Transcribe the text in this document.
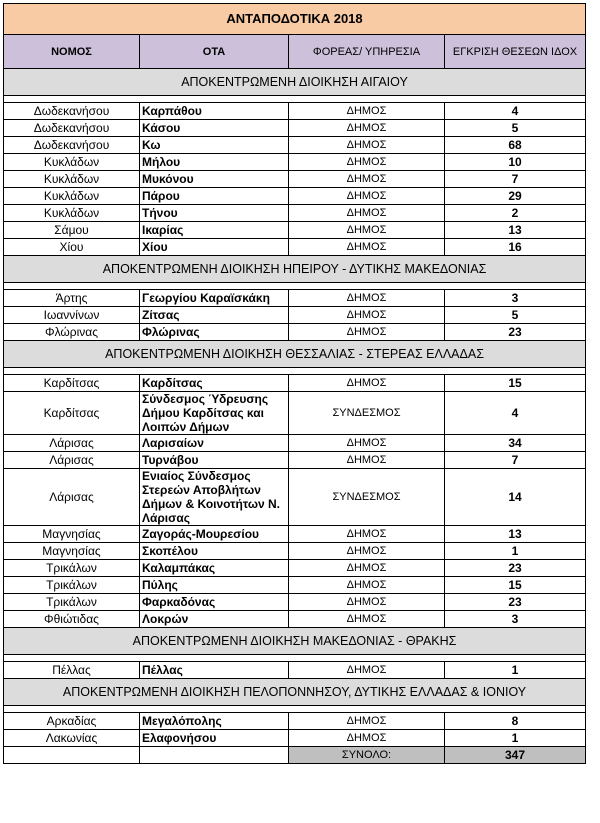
ΑΝΤΑΠΟΔΟΤΙΚΑ 2018			
ΝΟΜΟΣ	ΟΤΑ	ΦΟΡΕΑΣ/ ΥΠΗΡΕΣΙΑ	ΕΓΚΡΙΣΗ ΘΕΣΕΩΝ ΙΔΟΧ
ΑΠΟΚΕΝΤΡΩΜΕΝΗ ΔΙΟΙΚΗΣΗ ΑΙΓΑΙΟΥ			

Δωδεκανήσου	Καρπάθου	ΔΗΜΟΣ	4
Δωδεκανήσου	Κάσου	ΔΗΜΟΣ	5
Δωδεκανήσου	Κω	ΔΗΜΟΣ	68
Κυκλάδων	Μήλου	ΔΗΜΟΣ	10
Κυκλάδων	Μυκόνου	ΔΗΜΟΣ	7
Κυκλάδων	Πάρου	ΔΗΜΟΣ	29
Κυκλάδων	Τήνου	ΔΗΜΟΣ	2
Σάμου	Ικαρίας	ΔΗΜΟΣ	13
Χίου	Χίου	ΔΗΜΟΣ	16
ΑΠΟΚΕΝΤΡΩΜΕΝΗ ΔΙΟΙΚΗΣΗ ΗΠΕΙΡΟΥ - ΔΥΤΙΚΗΣ ΜΑΚΕΔΟΝΙΑΣ			

Άρτης	Γεωργίου Καραϊσκάκη	ΔΗΜΟΣ	3
Ιωαννίνων	Ζίτσας	ΔΗΜΟΣ	5
Φλώρινας	Φλώρινας	ΔΗΜΟΣ	23
ΑΠΟΚΕΝΤΡΩΜΕΝΗ ΔΙΟΙΚΗΣΗ ΘΕΣΣΑΛΙΑΣ - ΣΤΕΡΕΑΣ ΕΛΛΑΔΑΣ			

Καρδίτσας	Καρδίτσας	ΔΗΜΟΣ	15
Καρδίτσας	Σύνδεσμος Ύδρευσης Δήμου Καρδίτσας και Λοιπών Δήμων	ΣΥΝΔΕΣΜΟΣ	4
Λάρισας	Λαρισαίων	ΔΗΜΟΣ	34
Λάρισας	Τυρνάβου	ΔΗΜΟΣ	7
Λάρισας	Ενιαίος Σύνδεσμος Στερεών Αποβλήτων Δήμων & Κοινοτήτων Ν. Λάρισας	ΣΥΝΔΕΣΜΟΣ	14
Μαγνησίας	Ζαγοράς-Μουρεσίου	ΔΗΜΟΣ	13
Μαγνησίας	Σκοπέλου	ΔΗΜΟΣ	1
Τρικάλων	Καλαμπάκας	ΔΗΜΟΣ	23
Τρικάλων	Πύλης	ΔΗΜΟΣ	15
Τρικάλων	Φαρκαδόνας	ΔΗΜΟΣ	23
Φθιώτιδας	Λοκρών	ΔΗΜΟΣ	3
ΑΠΟΚΕΝΤΡΩΜΕΝΗ ΔΙΟΙΚΗΣΗ ΜΑΚΕΔΟΝΙΑΣ - ΘΡΑΚΗΣ			

Πέλλας	Πέλλας	ΔΗΜΟΣ	1
ΑΠΟΚΕΝΤΡΩΜΕΝΗ ΔΙΟΙΚΗΣΗ ΠΕΛΟΠΟΝΝΗΣΟΥ, ΔΥΤΙΚΗΣ ΕΛΛΑΔΑΣ & ΙΟΝΙΟΥ			

Αρκαδίας	Μεγαλόπολης	ΔΗΜΟΣ	8
Λακωνίας	Ελαφονήσου	ΔΗΜΟΣ	1
		ΣΥΝΟΛΟ:	347
